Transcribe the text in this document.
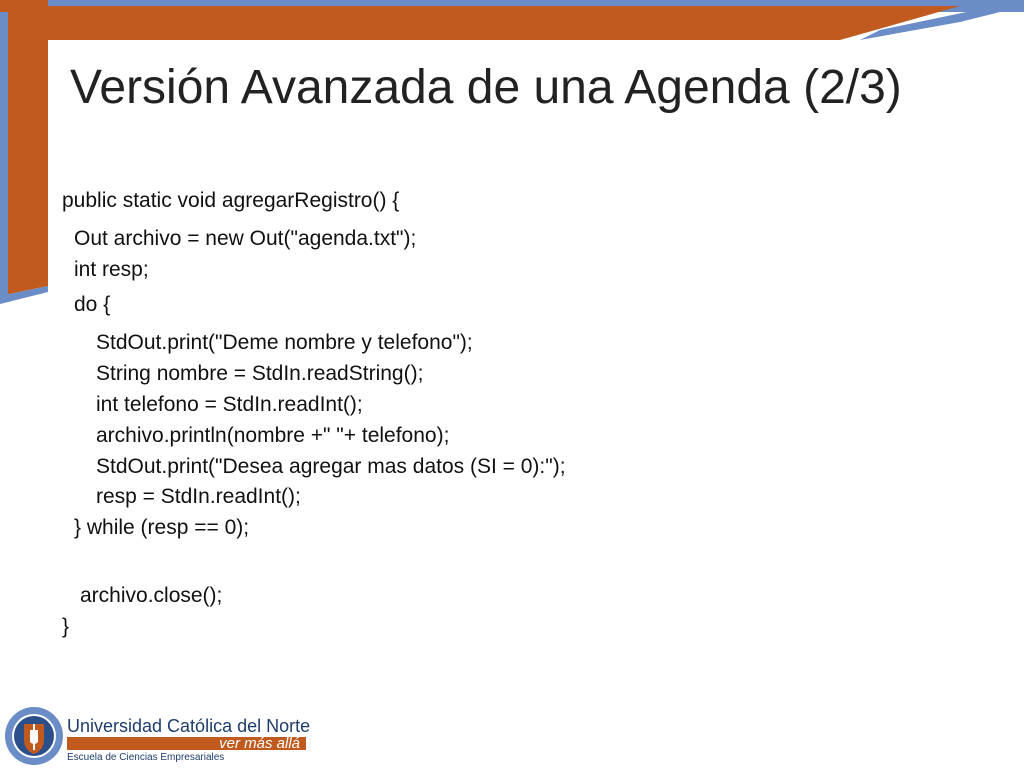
Versión Avanzada de una Agenda (2/3)
public static void agregarRegistro() {
Out archivo = new Out("agenda.txt");
int resp;
do {
StdOut.print("Deme nombre y telefono");
String nombre = StdIn.readString();
int telefono = StdIn.readInt();
archivo.println(nombre +" "+ telefono);
StdOut.print("Desea agregar mas datos (SI = 0):");
resp = StdIn.readInt();
} while (resp == 0);
archivo.close();
}
Universidad Católica del Norte
ver más allá
Escuela de Ciencias Empresariales
